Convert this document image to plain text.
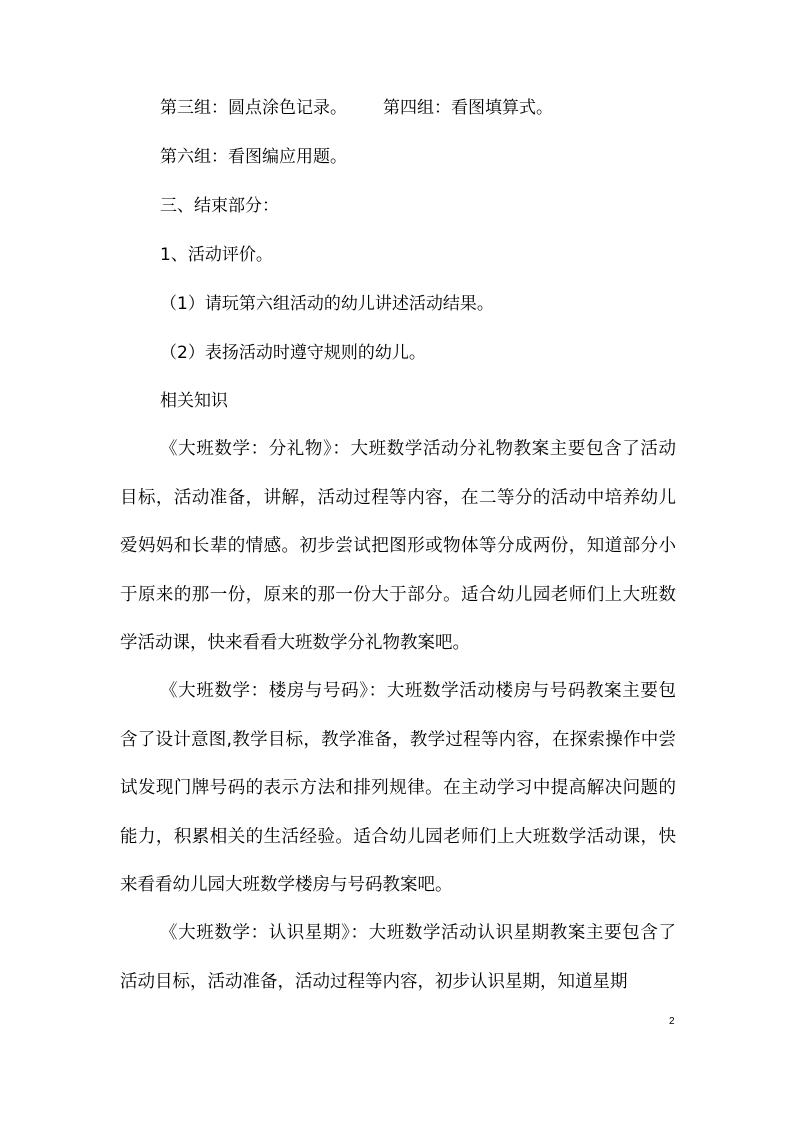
第三组：圆点涂色记录。 第四组：看图填算式。
第六组：看图编应用题。
三、结束部分：
1、活动评价。
（1）请玩第六组活动的幼儿讲述活动结果。
（2）表扬活动时遵守规则的幼儿。
相关知识
《大班数学：分礼物》：大班数学活动分礼物教案主要包含了活动目标，活动准备，讲解，活动过程等内容，在二等分的活动中培养幼儿爱妈妈和长辈的情感。初步尝试把图形或物体等分成两份，知道部分小于原来的那一份，原来的那一份大于部分。适合幼儿园老师们上大班数学活动课，快来看看大班数学分礼物教案吧。
《大班数学：楼房与号码》：大班数学活动楼房与号码教案主要包含了设计意图,教学目标，教学准备，教学过程等内容，在探索操作中尝试发现门牌号码的表示方法和排列规律。在主动学习中提高解决问题的能力，积累相关的生活经验。适合幼儿园老师们上大班数学活动课，快来看看幼儿园大班数学楼房与号码教案吧。
《大班数学：认识星期》：大班数学活动认识星期教案主要包含了活动目标，活动准备，活动过程等内容，初步认识星期，知道星期
2
